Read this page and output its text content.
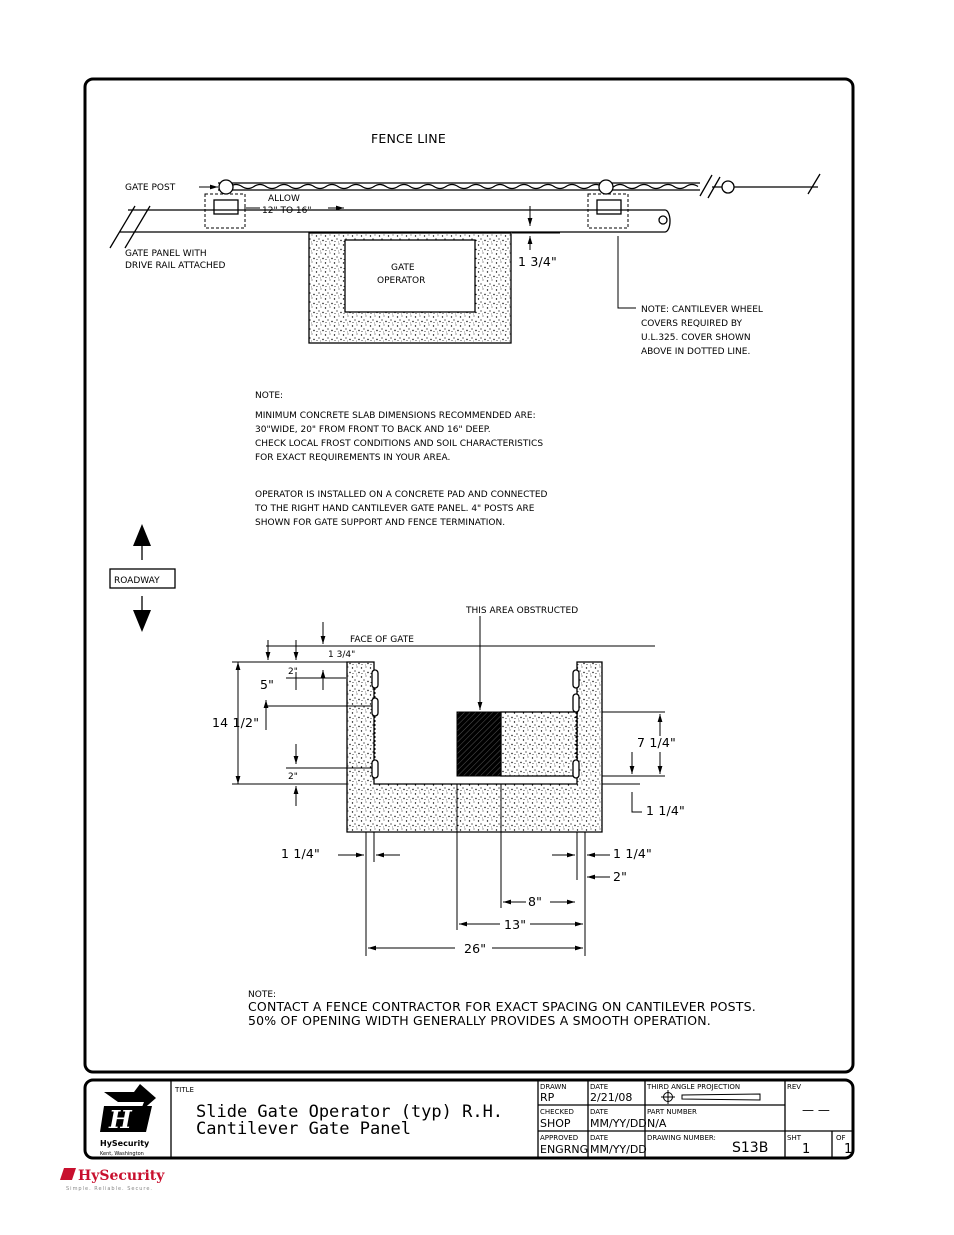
FENCE LINE
GATE
OPERATOR
GATE POST
ALLOW
12" TO 16"
GATE PANEL WITH
DRIVE RAIL ATTACHED	1 3/4"
NOTE: CANTILEVER WHEEL
COVERS REQUIRED BY
U.L.325. COVER SHOWN
ABOVE IN DOTTED LINE.
NOTE:
MINIMUM CONCRETE SLAB DIMENSIONS RECOMMENDED ARE:
30"WIDE, 20" FROM FRONT TO BACK AND 16" DEEP.
CHECK LOCAL FROST CONDITIONS AND SOIL CHARACTERISTICS
FOR EXACT REQUIREMENTS IN YOUR AREA.
OPERATOR IS INSTALLED ON A CONCRETE PAD AND CONNECTED
TO THE RIGHT HAND CANTILEVER GATE PANEL. 4" POSTS ARE
SHOWN FOR GATE SUPPORT AND FENCE TERMINATION.
ROADWAY
THIS AREA OBSTRUCTED
FACE OF GATE
14 1/2"
1 3/4"
2"
5"
2"
7 1/4"
1 1/4"
1 1/4"	1 1/4"
2"
8"
13"
26"
NOTE:
CONTACT A FENCE CONTRACTOR FOR EXACT SPACING ON CANTILEVER POSTS.
50% OF OPENING WIDTH GENERALLY PROVIDES A SMOOTH OPERATION.
H
HySecurity
Kent, Washington
TITLE
Slide Gate Operator (typ) R.H.
Cantilever Gate Panel
DRAWN
RP
DATE
2/21/08
THIRD ANGLE PROJECTION	REV
— —
CHECKED
SHOP
DATE
MM/YY/DD
PART NUMBER
N/A
APPROVED
ENGRNG
DATE
MM/YY/DD
DRAWING NUMBER:
S13B
SHT
1
OF
1
HySecurity
Simple. Reliable. Secure.
